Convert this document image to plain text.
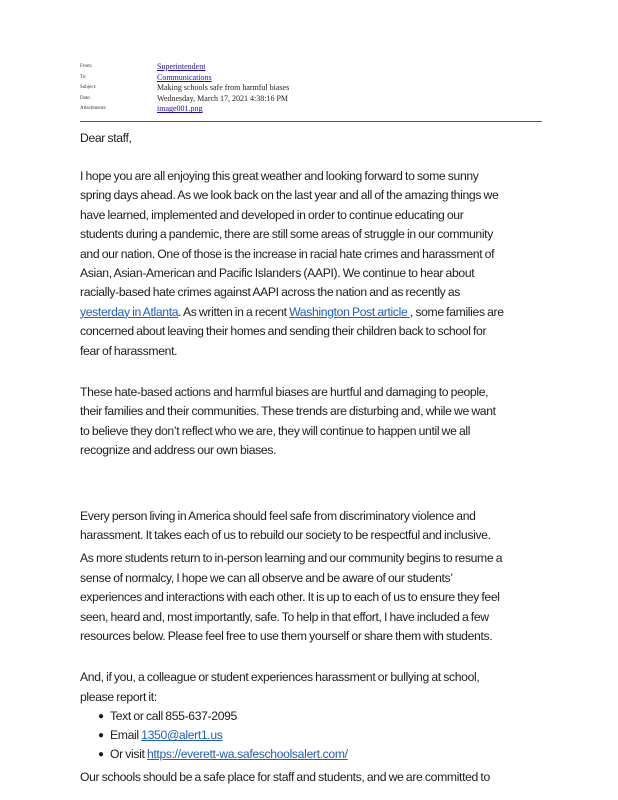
From:	Superintendent
To:	Communications
Subject:	Making schools safe from harmful biases
Date:	Wednesday, March 17, 2021 4:38:16 PM
Attachments:	image001.png

Dear staff,

I hope you are all enjoying this great weather and looking forward to some sunny

spring days ahead. As we look back on the last year and all of the amazing things we

have learned, implemented and developed in order to continue educating our

students during a pandemic, there are still some areas of struggle in our community

and our nation. One of those is the increase in racial hate crimes and harassment of

Asian, Asian-American and Pacific Islanders (AAPI). We continue to hear about

racially-based hate crimes against AAPI across the nation and as recently as

yesterday in Atlanta. As written in a recent Washington Post article , some families are

concerned about leaving their homes and sending their children back to school for

fear of harassment.

These hate-based actions and harmful biases are hurtful and damaging to people,

their families and their communities. These trends are disturbing and, while we want

to believe they don’t reflect who we are, they will continue to happen until we all

recognize and address our own biases.

Every person living in America should feel safe from discriminatory violence and

harassment. It takes each of us to rebuild our society to be respectful and inclusive.

As more students return to in-person learning and our community begins to resume a

sense of normalcy, I hope we can all observe and be aware of our students’

experiences and interactions with each other. It is up to each of us to ensure they feel

seen, heard and, most importantly, safe. To help in that effort, I have included a few

resources below. Please feel free to use them yourself or share them with students.

And, if you, a colleague or student experiences harassment or bullying at school,

please report it:

● Text or call 855-637-2095
● Email 1350@alert1.us
● Or visit https://everett-wa.safeschoolsalert.com/

Our schools should be a safe place for staff and students, and we are committed to
